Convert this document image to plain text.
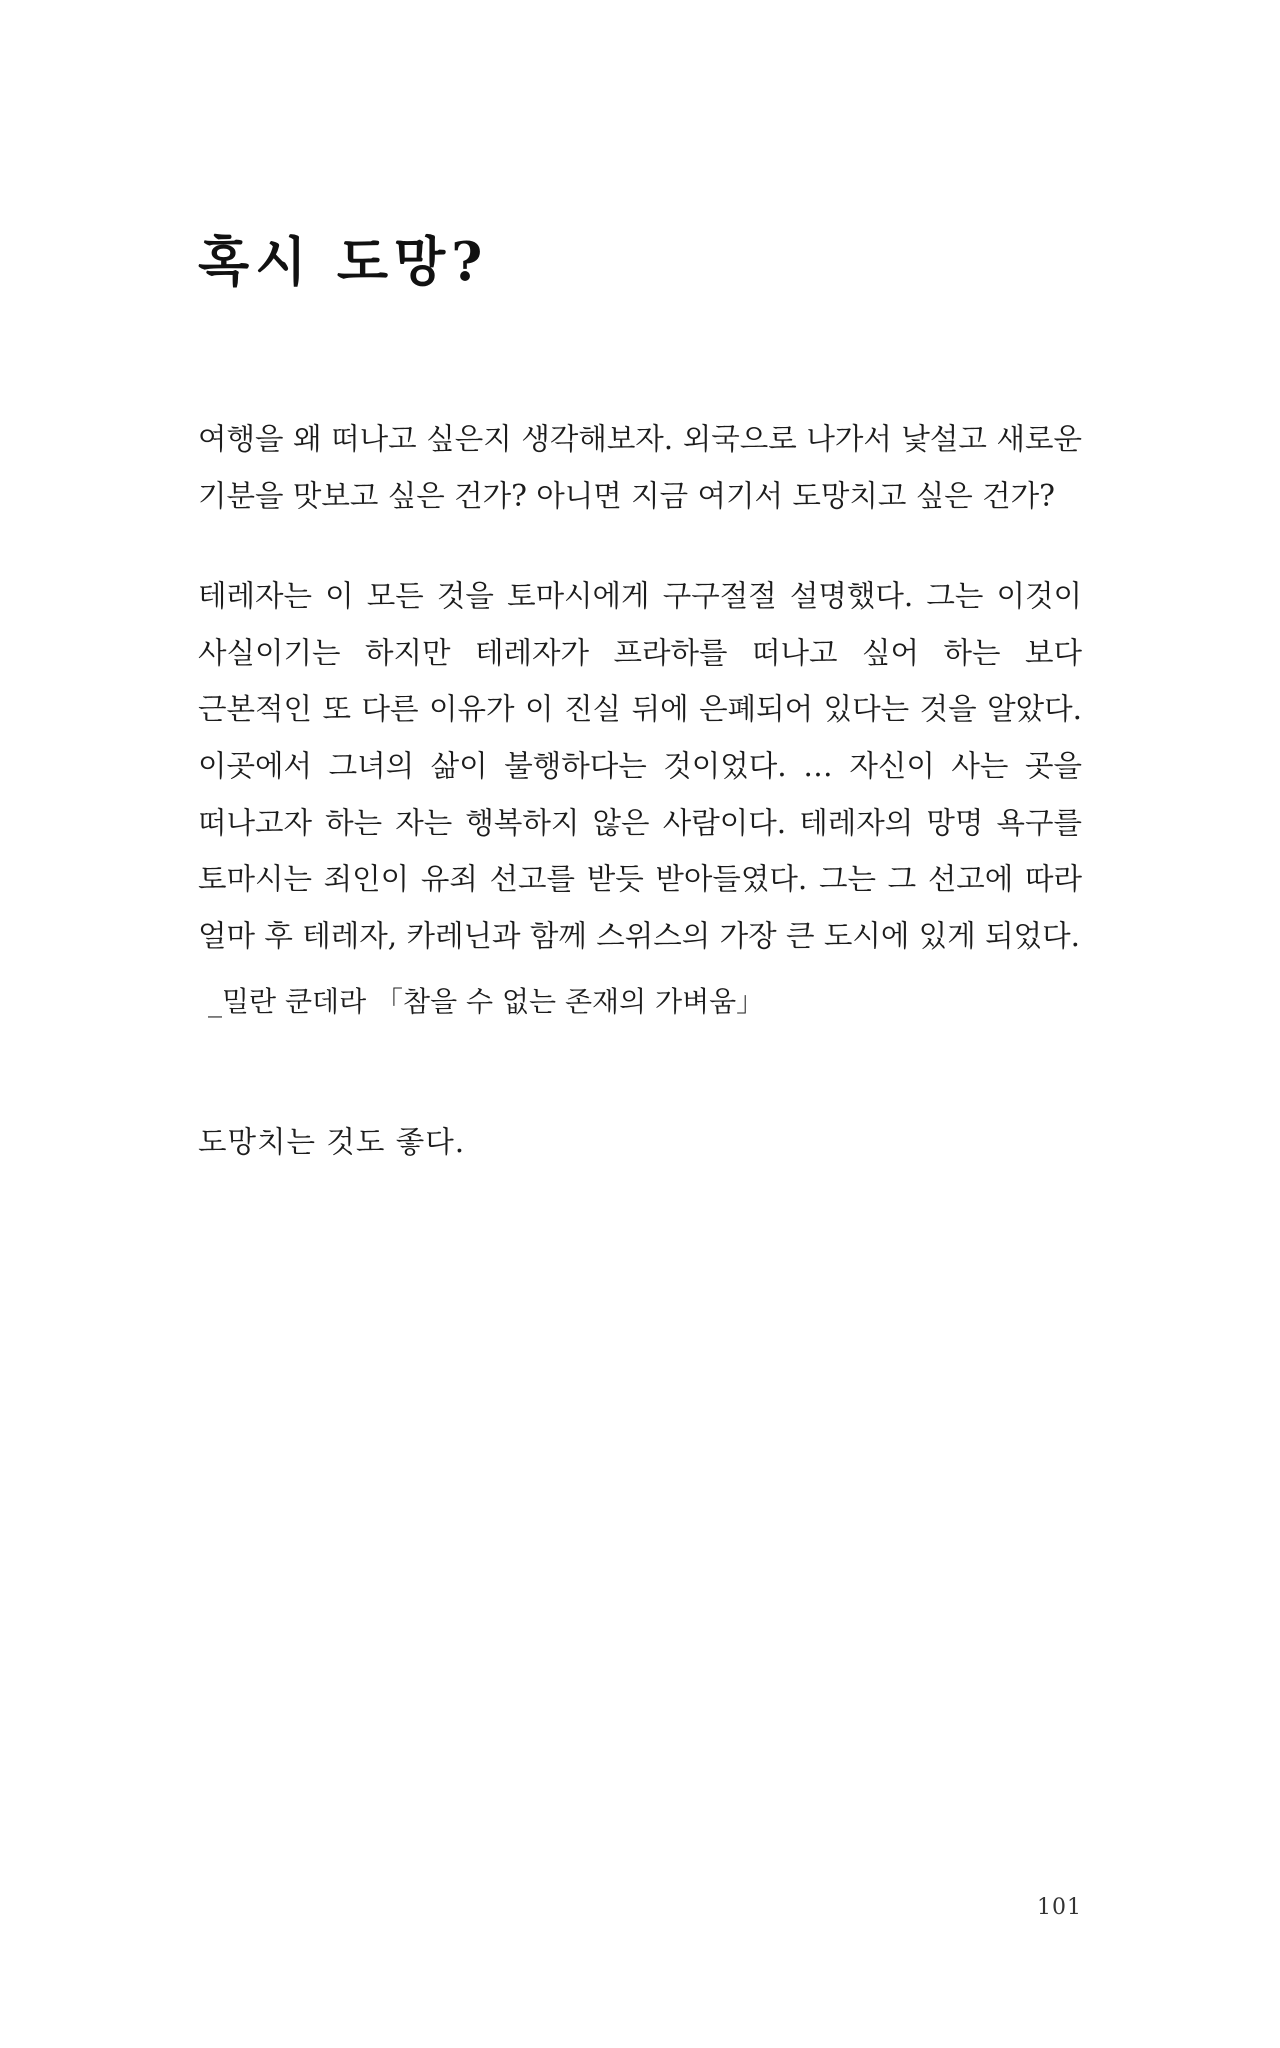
혹시 도망?

여행을 왜 떠나고 싶은지 생각해보자. 외국으로 나가서 낯설고 새로운 기분을 맛보고 싶은 건가? 아니면 지금 여기서 도망치고 싶은 건가?

테레자는 이 모든 것을 토마시에게 구구절절 설명했다. 그는 이것이 사실이기는 하지만 테레자가 프라하를 떠나고 싶어 하는 보다 근본적인 또 다른 이유가 이 진실 뒤에 은폐되어 있다는 것을 알았다. 이곳에서 그녀의 삶이 불행하다는 것이었다. … 자신이 사는 곳을 떠나고자 하는 자는 행복하지 않은 사람이다. 테레자의 망명 욕구를 토마시는 죄인이 유죄 선고를 받듯 받아들였다. 그는 그 선고에 따라 얼마 후 테레자, 카레닌과 함께 스위스의 가장 큰 도시에 있게 되었다.

_밀란 쿤데라 「참을 수 없는 존재의 가벼움」

도망치는 것도 좋다.

101
